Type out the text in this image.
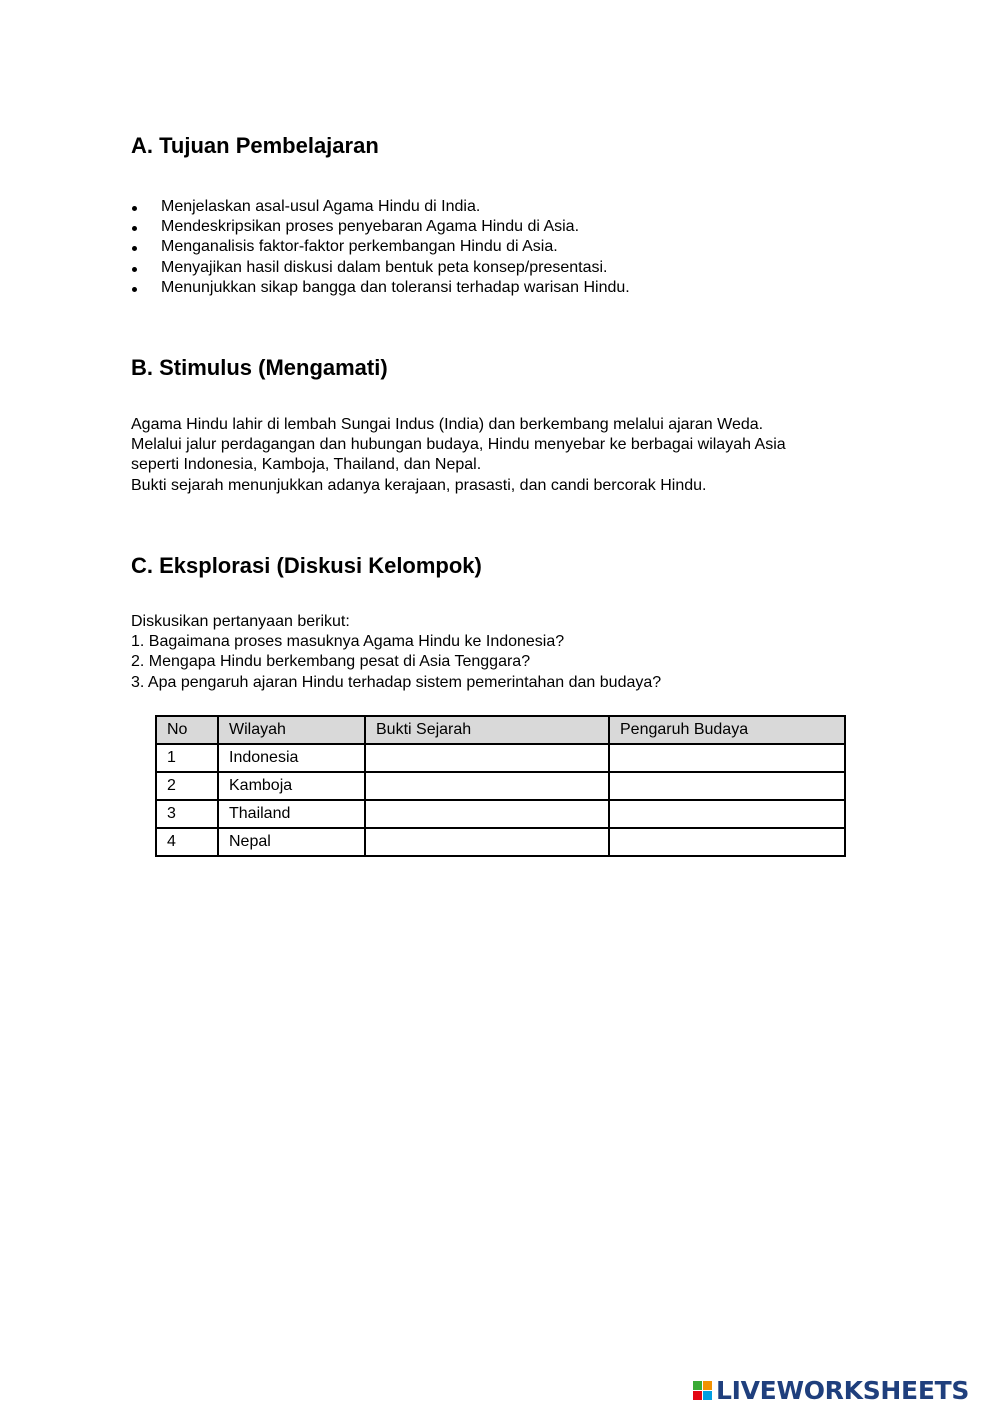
A. Tujuan Pembelajaran
Menjelaskan asal-usul Agama Hindu di India.
Mendeskripsikan proses penyebaran Agama Hindu di Asia.
Menganalisis faktor-faktor perkembangan Hindu di Asia.
Menyajikan hasil diskusi dalam bentuk peta konsep/presentasi.
Menunjukkan sikap bangga dan toleransi terhadap warisan Hindu.
B. Stimulus (Mengamati)
Agama Hindu lahir di lembah Sungai Indus (India) dan berkembang melalui ajaran Weda.
Melalui jalur perdagangan dan hubungan budaya, Hindu menyebar ke berbagai wilayah Asia
seperti Indonesia, Kamboja, Thailand, dan Nepal.
Bukti sejarah menunjukkan adanya kerajaan, prasasti, dan candi bercorak Hindu.
C. Eksplorasi (Diskusi Kelompok)
Diskusikan pertanyaan berikut:
1. Bagaimana proses masuknya Agama Hindu ke Indonesia?
2. Mengapa Hindu berkembang pesat di Asia Tenggara?
3. Apa pengaruh ajaran Hindu terhadap sistem pemerintahan dan budaya?
No	Wilayah	Bukti Sejarah	Pengaruh Budaya
1	Indonesia		
2	Kamboja		
3	Thailand		
4	Nepal		
LIVEWORKSHEETS
